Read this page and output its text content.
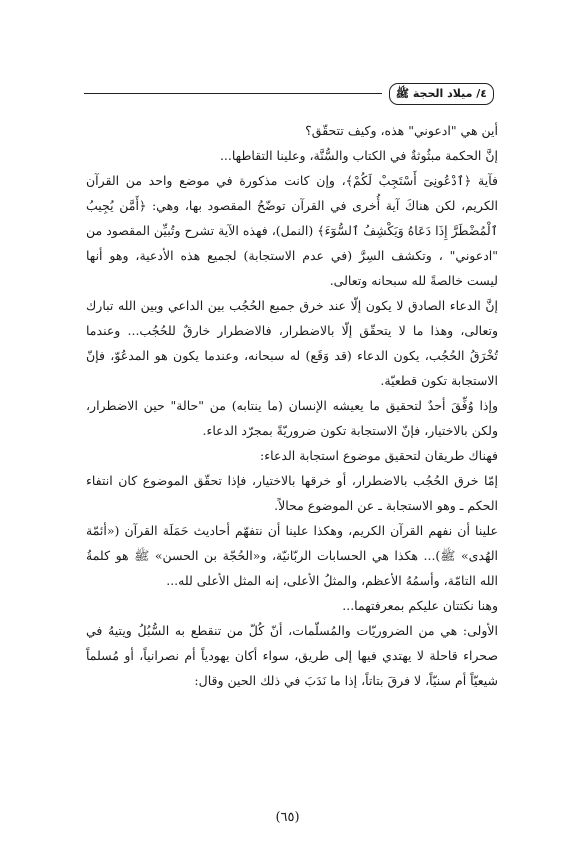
٤/ ميلاد الحجة ﷺ

أين هي "ادعوني" هذه، وكيف تتحقّق؟

إنَّ الحكمة مبثُوثةٌ في الكتاب والسُّنَّة، وعلينا التقاطها...

فآية ﴿ٱدْعُونِىٓ أَسْتَجِبْ لَكُمْ﴾، وإن كانت مذكورة في موضع واحد من القرآن الكريم، لكن هناكَ آية أُخرى في القرآن توضّحُ المقصود بها، وهي: ﴿أَمَّن يُجِيبُ ٱلْمُضْطَرَّ إِذَا دَعَاهُ وَيَكْشِفُ ٱلسُّوٓءَ﴾ (النمل)، فهذه الآية تشرح وتُبيِّن المقصود من "ادعوني" ، وتكشف السِرَّ (في عدم الاستجابة) لجميع هذه الأدعية، وهو أنها ليست خالصةً لله سبحانه وتعالى.

إنَّ الدعاء الصادق لا يكون إلّا عند خرق جميع الحُجُب بين الداعي وبين الله تبارك وتعالى، وهذا ما لا يتحقّق إلّا بالاضطرار، فالاضطرار خارقٌ للحُجُب... وعندما تُخْرَقُ الحُجُب، يكون الدعاء (قد وَقَع) له سبحانه، وعندما يكون هو المدعُوّ، فإنّ الاستجابة تكون قطعيّة.

وإذا وُفِّقَ أحدٌ لتحقيق ما يعيشه الإنسان (ما ينتابه) من "حالة" حين الاضطرار، ولكن بالاختيار، فإنّ الاستجابة تكون ضروريّةً بمجرّد الدعاء.

فهناك طريقان لتحقيق موضوع استجابة الدعاء:

إمّا خرق الحُجُب بالاضطرار، أو خرقها بالاختيار، فإذا تحقّق الموضوع كان انتفاء الحكم ـ وهو الاستجابة ـ عن الموضوع محالاً.

علينا أن نفهم القرآن الكريم، وهكذا علينا أن نتفهّم أحاديث حَمَلَة القرآن («أئمّة الهُدى» ﷺ)... هكذا هي الحسابات الربّانيّة، و«الحُجّة بن الحسن» ﷺ هو كلمةُ الله التامّة، وأسمُهُ الأعظم، والمثلُ الأعلى، إنه المثل الأعلى لله...

وهنا نكتتان عليكم بمعرفتهما...

الأولى: هي من الضروريّات والمُسلّمات، أنّ كُلّ من تنقطع به السُّبُلُ ويتيهُ في صحراء قاحلة لا يهتدي فيها إلى طريق، سواء أكان يهودياً أم نصرانياً، أو مُسلماً شيعيّاً أم سنيّاً، لا فرقَ بتاتاً، إذا ما نَدَبَ في ذلك الحين وقال:

(٦٥)
